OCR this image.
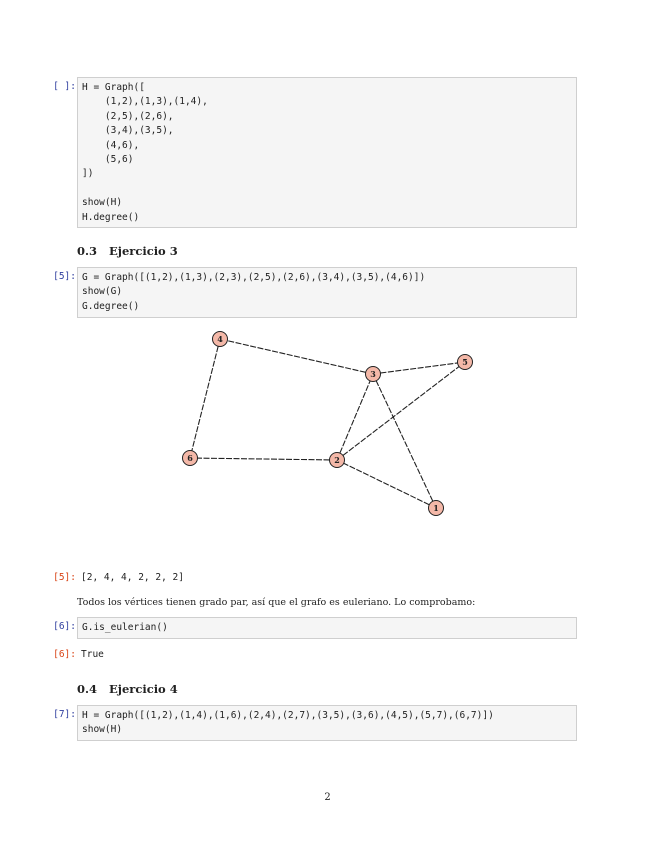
[ ]: H = Graph([
(1,2),(1,3),(1,4),
(2,5),(2,6),
(3,4),(3,5),
(4,6),
(5,6)
])

show(H)
H.degree()
0.3 Ejercicio 3
[5]: G = Graph([(1,2),(1,3),(2,3),(2,5),(2,6),(3,4),(3,5),(4,6)])
show(G)
G.degree()
1
2
3
4
5
6
[5]: [2, 4, 4, 2, 2, 2]
Todos los vértices tienen grado par, así que el grafo es euleriano. Lo comprobamo:
[6]: G.is_eulerian()
[6]: True
0.4 Ejercicio 4
[7]: H = Graph([(1,2),(1,4),(1,6),(2,4),(2,7),(3,5),(3,6),(4,5),(5,7),(6,7)])
show(H)
2
